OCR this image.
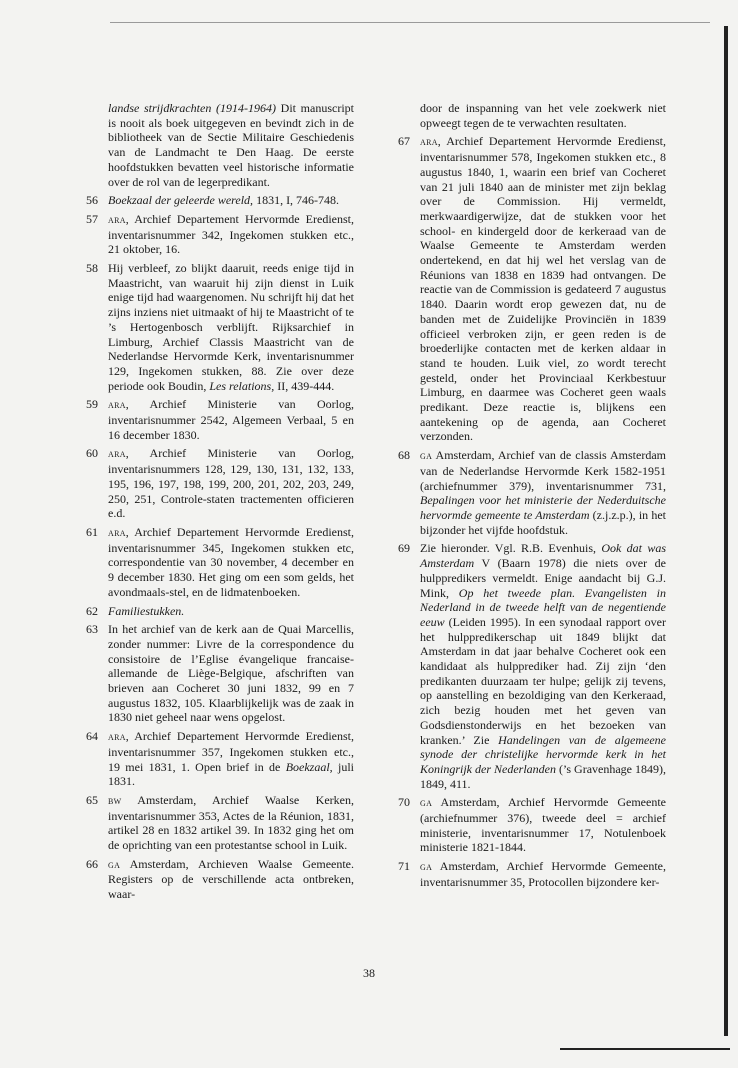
landse strijdkrachten (1914-1964) Dit manuscript is nooit als boek uitgegeven en bevindt zich in de bibliotheek van de Sectie Militaire Geschiedenis van de Landmacht te Den Haag. De eerste hoofdstukken bevatten veel historische informatie over de rol van de legerpredikant.
56 Boekzaal der geleerde wereld, 1831, I, 746-748.
57 ara, Archief Departement Hervormde Eredienst, inventarisnummer 342, Ingekomen stukken etc., 21 oktober, 16.
58 Hij verbleef, zo blijkt daaruit, reeds enige tijd in Maastricht, van waaruit hij zijn dienst in Luik enige tijd had waargenomen. Nu schrijft hij dat het zijns inziens niet uitmaakt of hij te Maastricht of te ’s Hertogenbosch verblijft. Rijksarchief in Limburg, Archief Classis Maastricht van de Nederlandse Hervormde Kerk, inventarisnummer 129, Ingekomen stukken, 88. Zie over deze periode ook Boudin, Les relations, II, 439-444.
59 ara, Archief Ministerie van Oorlog, inventarisnummer 2542, Algemeen Verbaal, 5 en 16 december 1830.
60 ara, Archief Ministerie van Oorlog, inventarisnummers 128, 129, 130, 131, 132, 133, 195, 196, 197, 198, 199, 200, 201, 202, 203, 249, 250, 251, Controle-staten tractementen officieren e.d.
61 ara, Archief Departement Hervormde Eredienst, inventarisnummer 345, Ingekomen stukken etc, correspondentie van 30 november, 4 december en 9 december 1830. Het ging om een som gelds, het avondmaals-stel, en de lidmatenboeken.
62 Familiestukken.
63 In het archief van de kerk aan de Quai Marcellis, zonder nummer: Livre de la correspondence du consistoire de l’Eglise évangelique francaise-allemande de Liège-Belgique, afschriften van brieven aan Cocheret 30 juni 1832, 99 en 7 augustus 1832, 105. Klaarblijkelijk was de zaak in 1830 niet geheel naar wens opgelost.
64 ara, Archief Departement Hervormde Eredienst, inventarisnummer 357, Ingekomen stukken etc., 19 mei 1831, 1. Open brief in de Boekzaal, juli 1831.
65 bw Amsterdam, Archief Waalse Kerken, inventarisnummer 353, Actes de la Réunion, 1831, artikel 28 en 1832 artikel 39. In 1832 ging het om de oprichting van een protestantse school in Luik.
66 ga Amsterdam, Archieven Waalse Gemeente. Registers op de verschillende acta ontbreken, waar-
door de inspanning van het vele zoekwerk niet opweegt tegen de te verwachten resultaten.
67 ara, Archief Departement Hervormde Eredienst, inventarisnummer 578, Ingekomen stukken etc., 8 augustus 1840, 1, waarin een brief van Cocheret van 21 juli 1840 aan de minister met zijn beklag over de Commission. Hij vermeldt, merkwaardigerwijze, dat de stukken voor het school- en kindergeld door de kerkeraad van de Waalse Gemeente te Amsterdam werden ondertekend, en dat hij wel het verslag van de Réunions van 1838 en 1839 had ontvangen. De reactie van de Commission is gedateerd 7 augustus 1840. Daarin wordt erop gewezen dat, nu de banden met de Zuidelijke Provinciën in 1839 officieel verbroken zijn, er geen reden is de broederlijke contacten met de kerken aldaar in stand te houden. Luik viel, zo wordt terecht gesteld, onder het Provinciaal Kerkbestuur Limburg, en daarmee was Cocheret geen waals predikant. Deze reactie is, blijkens een aantekening op de agenda, aan Cocheret verzonden.
68 ga Amsterdam, Archief van de classis Amsterdam van de Nederlandse Hervormde Kerk 1582-1951 (archiefnummer 379), inventarisnummer 731, Bepalingen voor het ministerie der Nederduitsche hervormde gemeente te Amsterdam (z.j.z.p.), in het bijzonder het vijfde hoofdstuk.
69 Zie hieronder. Vgl. R.B. Evenhuis, Ook dat was Amsterdam V (Baarn 1978) die niets over de hulppredikers vermeldt. Enige aandacht bij G.J. Mink, Op het tweede plan. Evangelisten in Nederland in de tweede helft van de negentiende eeuw (Leiden 1995). In een synodaal rapport over het hulppredikerschap uit 1849 blijkt dat Amsterdam in dat jaar behalve Cocheret ook een kandidaat als hulpprediker had. Zij zijn ‘den predikanten duurzaam ter hulpe; gelijk zij tevens, op aanstelling en bezoldiging van den Kerkeraad, zich bezig houden met het geven van Godsdienstonderwijs en het bezoeken van kranken.’ Zie Handelingen van de algemeene synode der christelijke hervormde kerk in het Koningrijk der Nederlanden (’s Gravenhage 1849), 1849, 411.
70 ga Amsterdam, Archief Hervormde Gemeente (archiefnummer 376), tweede deel = archief ministerie, inventarisnummer 17, Notulenboek ministerie 1821-1844.
71 ga Amsterdam, Archief Hervormde Gemeente, inventarisnummer 35, Protocollen bijzondere ker-
38
